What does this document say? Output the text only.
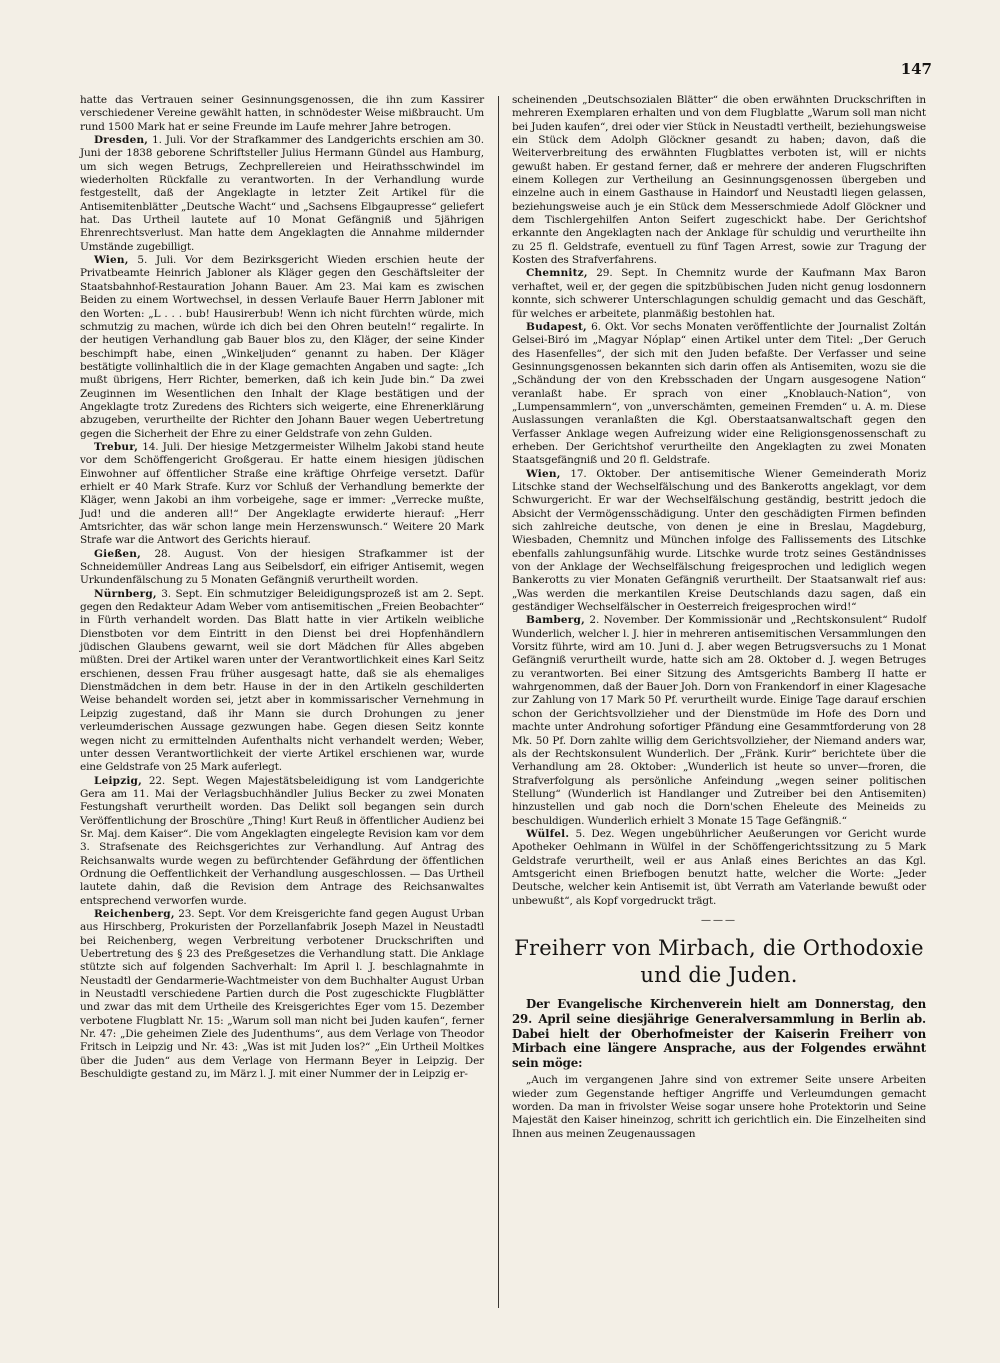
147

hatte das Vertrauen seiner Gesinnungsgenossen, die ihn zum Kassirer verschiedener Vereine gewählt hatten, in schnödester Weise mißbraucht. Um rund 1500 Mark hat er seine Freunde im Laufe mehrer Jahre betrogen.

Dresden, 1. Juli. Vor der Strafkammer des Landgerichts erschien am 30. Juni der 1838 geborene Schriftsteller Julius Hermann Gündel aus Hamburg, um sich wegen Betrugs, Zechprellereien und Heirathsschwindel im wiederholten Rückfalle zu verantworten. In der Verhandlung wurde festgestellt, daß der Angeklagte in letzter Zeit Artikel für die Antisemitenblätter „Deutsche Wacht“ und „Sachsens Elbgaupresse“ geliefert hat. Das Urtheil lautete auf 10 Monat Gefängniß und 5jährigen Ehrenrechtsverlust. Man hatte dem Angeklagten die Annahme mildernder Umstände zugebilligt.

Wien, 5. Juli. Vor dem Bezirksgericht Wieden erschien heute der Privatbeamte Heinrich Jabloner als Kläger gegen den Geschäftsleiter der Staatsbahnhof-Restauration Johann Bauer. Am 23. Mai kam es zwischen Beiden zu einem Wortwechsel, in dessen Verlaufe Bauer Herrn Jabloner mit den Worten: „L . . . bub! Hausirerbub! Wenn ich nicht fürchten würde, mich schmutzig zu machen, würde ich dich bei den Ohren beuteln!“ regalirte. In der heutigen Verhandlung gab Bauer blos zu, den Kläger, der seine Kinder beschimpft habe, einen „Winkeljuden“ genannt zu haben. Der Kläger bestätigte vollinhaltlich die in der Klage gemachten Angaben und sagte: „Ich mußt übrigens, Herr Richter, bemerken, daß ich kein Jude bin.“ Da zwei Zeuginnen im Wesentlichen den Inhalt der Klage bestätigen und der Angeklagte trotz Zuredens des Richters sich weigerte, eine Ehrenerklärung abzugeben, verurtheilte der Richter den Johann Bauer wegen Uebertretung gegen die Sicherheit der Ehre zu einer Geldstrafe von zehn Gulden.

Trebur, 14. Juli. Der hiesige Metzgermeister Wilhelm Jakobi stand heute vor dem Schöffengericht Großgerau. Er hatte einem hiesigen jüdischen Einwohner auf öffentlicher Straße eine kräftige Ohrfeige versetzt. Dafür erhielt er 40 Mark Strafe. Kurz vor Schluß der Verhandlung bemerkte der Kläger, wenn Jakobi an ihm vorbeigehe, sage er immer: „Verrecke mußte, Jud! und die anderen all!“ Der Angeklagte erwiderte hierauf: „Herr Amtsrichter, das wär schon lange mein Herzenswunsch.“ Weitere 20 Mark Strafe war die Antwort des Gerichts hierauf.

Gießen, 28. August. Von der hiesigen Strafkammer ist der Schneidemüller Andreas Lang aus Seibelsdorf, ein eifriger Antisemit, wegen Urkundenfälschung zu 5 Monaten Gefängniß verurtheilt worden.

Nürnberg, 3. Sept. Ein schmutziger Beleidigungsprozeß ist am 2. Sept. gegen den Redakteur Adam Weber vom antisemitischen „Freien Beobachter“ in Fürth verhandelt worden. Das Blatt hatte in vier Artikeln weibliche Dienstboten vor dem Eintritt in den Dienst bei drei Hopfenhändlern jüdischen Glaubens gewarnt, weil sie dort Mädchen für Alles abgeben müßten. Drei der Artikel waren unter der Verantwortlichkeit eines Karl Seitz erschienen, dessen Frau früher ausgesagt hatte, daß sie als ehemaliges Dienstmädchen in dem betr. Hause in der in den Artikeln geschilderten Weise behandelt worden sei, jetzt aber in kommissarischer Vernehmung in Leipzig zugestand, daß ihr Mann sie durch Drohungen zu jener verleumderischen Aussage gezwungen habe. Gegen diesen Seitz konnte wegen nicht zu ermittelnden Aufenthalts nicht verhandelt werden; Weber, unter dessen Verantwortlichkeit der vierte Artikel erschienen war, wurde eine Geldstrafe von 25 Mark auferlegt.

Leipzig, 22. Sept. Wegen Majestätsbeleidigung ist vom Landgerichte Gera am 11. Mai der Verlagsbuchhändler Julius Becker zu zwei Monaten Festungshaft verurtheilt worden. Das Delikt soll begangen sein durch Veröffentlichung der Broschüre „Thing! Kurt Reuß in öffentlicher Audienz bei Sr. Maj. dem Kaiser“. Die vom Angeklagten eingelegte Revision kam vor dem 3. Strafsenate des Reichsgerichtes zur Verhandlung. Auf Antrag des Reichsanwalts wurde wegen zu befürchtender Gefährdung der öffentlichen Ordnung die Oeffentlichkeit der Verhandlung ausgeschlossen. — Das Urtheil lautete dahin, daß die Revision dem Antrage des Reichsanwaltes entsprechend verworfen wurde.

Reichenberg, 23. Sept. Vor dem Kreisgerichte fand gegen August Urban aus Hirschberg, Prokuristen der Porzellanfabrik Joseph Mazel in Neustadtl bei Reichenberg, wegen Verbreitung verbotener Druckschriften und Uebertretung des § 23 des Preßgesetzes die Verhandlung statt. Die Anklage stützte sich auf folgenden Sachverhalt: Im April l. J. beschlagnahmte in Neustadtl der Gendarmerie-Wachtmeister von dem Buchhalter August Urban in Neustadtl verschiedene Partien durch die Post zugeschickte Flugblätter und zwar das mit dem Urtheile des Kreisgerichtes Eger vom 15. Dezember verbotene Flugblatt Nr. 15: „Warum soll man nicht bei Juden kaufen“, ferner Nr. 47: „Die geheimen Ziele des Judenthums“, aus dem Verlage von Theodor Fritsch in Leipzig und Nr. 43: „Was ist mit Juden los?“ „Ein Urtheil Moltkes über die Juden“ aus dem Verlage von Hermann Beyer in Leipzig. Der Beschuldigte gestand zu, im März l. J. mit einer Nummer der in Leipzig er-

scheinenden „Deutschsozialen Blätter“ die oben erwähnten Druckschriften in mehreren Exemplaren erhalten und von dem Flugblatte „Warum soll man nicht bei Juden kaufen“, drei oder vier Stück in Neustadtl vertheilt, beziehungsweise ein Stück dem Adolph Glöckner gesandt zu haben; davon, daß die Weiterverbreitung des erwähnten Flugblattes verboten ist, will er nichts gewußt haben. Er gestand ferner, daß er mehrere der anderen Flugschriften einem Kollegen zur Vertheilung an Gesinnungsgenossen übergeben und einzelne auch in einem Gasthause in Haindorf und Neustadtl liegen gelassen, beziehungsweise auch je ein Stück dem Messerschmiede Adolf Glöckner und dem Tischlergehilfen Anton Seifert zugeschickt habe. Der Gerichtshof erkannte den Angeklagten nach der Anklage für schuldig und verurtheilte ihn zu 25 fl. Geldstrafe, eventuell zu fünf Tagen Arrest, sowie zur Tragung der Kosten des Strafverfahrens.

Chemnitz, 29. Sept. In Chemnitz wurde der Kaufmann Max Baron verhaftet, weil er, der gegen die spitzbübischen Juden nicht genug losdonnern konnte, sich schwerer Unterschlagungen schuldig gemacht und das Geschäft, für welches er arbeitete, planmäßig bestohlen hat.

Budapest, 6. Okt. Vor sechs Monaten veröffentlichte der Journalist Zoltán Gelsei-Biró im „Magyar Nóplap“ einen Artikel unter dem Titel: „Der Geruch des Hasenfelles“, der sich mit den Juden befaßte. Der Verfasser und seine Gesinnungsgenossen bekannten sich darin offen als Antisemiten, wozu sie die „Schändung der von den Krebsschaden der Ungarn ausgesogene Nation“ veranlaßt habe. Er sprach von einer „Knoblauch-Nation“, von „Lumpensammlern“, von „unverschämten, gemeinen Fremden“ u. A. m. Diese Auslassungen veranlaßten die Kgl. Oberstaatsanwaltschaft gegen den Verfasser Anklage wegen Aufreizung wider eine Religionsgenossenschaft zu erheben. Der Gerichtshof verurtheilte den Angeklagten zu zwei Monaten Staatsgefängniß und 20 fl. Geldstrafe.

Wien, 17. Oktober. Der antisemitische Wiener Gemeinderath Moriz Litschke stand der Wechselfälschung und des Bankerotts angeklagt, vor dem Schwurgericht. Er war der Wechselfälschung geständig, bestritt jedoch die Absicht der Vermögensschädigung. Unter den geschädigten Firmen befinden sich zahlreiche deutsche, von denen je eine in Breslau, Magdeburg, Wiesbaden, Chemnitz und München infolge des Fallissements des Litschke ebenfalls zahlungsunfähig wurde. Litschke wurde trotz seines Geständnisses von der Anklage der Wechselfälschung freigesprochen und lediglich wegen Bankerotts zu vier Monaten Gefängniß verurtheilt. Der Staatsanwalt rief aus: „Was werden die merkantilen Kreise Deutschlands dazu sagen, daß ein geständiger Wechselfälscher in Oesterreich freigesprochen wird!“

Bamberg, 2. November. Der Kommissionär und „Rechtskonsulent“ Rudolf Wunderlich, welcher l. J. hier in mehreren antisemitischen Versammlungen den Vorsitz führte, wird am 10. Juni d. J. aber wegen Betrugsversuchs zu 1 Monat Gefängniß verurtheilt wurde, hatte sich am 28. Oktober d. J. wegen Betruges zu verantworten. Bei einer Sitzung des Amtsgerichts Bamberg II hatte er wahrgenommen, daß der Bauer Joh. Dorn von Frankendorf in einer Klagesache zur Zahlung von 17 Mark 50 Pf. verurtheilt wurde. Einige Tage darauf erschien schon der Gerichtsvollzieher und der Dienstmüde im Hofe des Dorn und machte unter Androhung sofortiger Pfändung eine Gesammtforderung von 28 Mk. 50 Pf. Dorn zahlte willig dem Gerichtsvollzieher, der Niemand anders war, als der Rechtskonsulent Wunderlich. Der „Fränk. Kurir“ berichtete über die Verhandlung am 28. Oktober: „Wunderlich ist heute so unver—froren, die Strafverfolgung als persönliche Anfeindung „wegen seiner politischen Stellung“ (Wunderlich ist Handlanger und Zutreiber bei den Antisemiten) hinzustellen und gab noch die Dorn'schen Eheleute des Meineids zu beschuldigen. Wunderlich erhielt 3 Monate 15 Tage Gefängniß.“

Wülfel. 5. Dez. Wegen ungebührlicher Aeußerungen vor Gericht wurde Apotheker Oehlmann in Wülfel in der Schöffengerichtssitzung zu 5 Mark Geldstrafe verurtheilt, weil er aus Anlaß eines Berichtes an das Kgl. Amtsgericht einen Briefbogen benutzt hatte, welcher die Worte: „Jeder Deutsche, welcher kein Antisemit ist, übt Verrath am Vaterlande bewußt oder unbewußt“, als Kopf vorgedruckt trägt.

———
Freiherr von Mirbach, die Orthodoxie
und die Juden.

Der Evangelische Kirchenverein hielt am Donnerstag, den 29. April seine diesjährige Generalversammlung in Berlin ab. Dabei hielt der Oberhofmeister der Kaiserin Freiherr von Mirbach eine längere Ansprache, aus der Folgendes erwähnt sein möge:

„Auch im vergangenen Jahre sind von extremer Seite unsere Arbeiten wieder zum Gegenstande heftiger Angriffe und Verleumdungen gemacht worden. Da man in frivolster Weise sogar unsere hohe Protektorin und Seine Majestät den Kaiser hineinzog, schritt ich gerichtlich ein. Die Einzelheiten sind Ihnen aus meinen Zeugenaussagen
